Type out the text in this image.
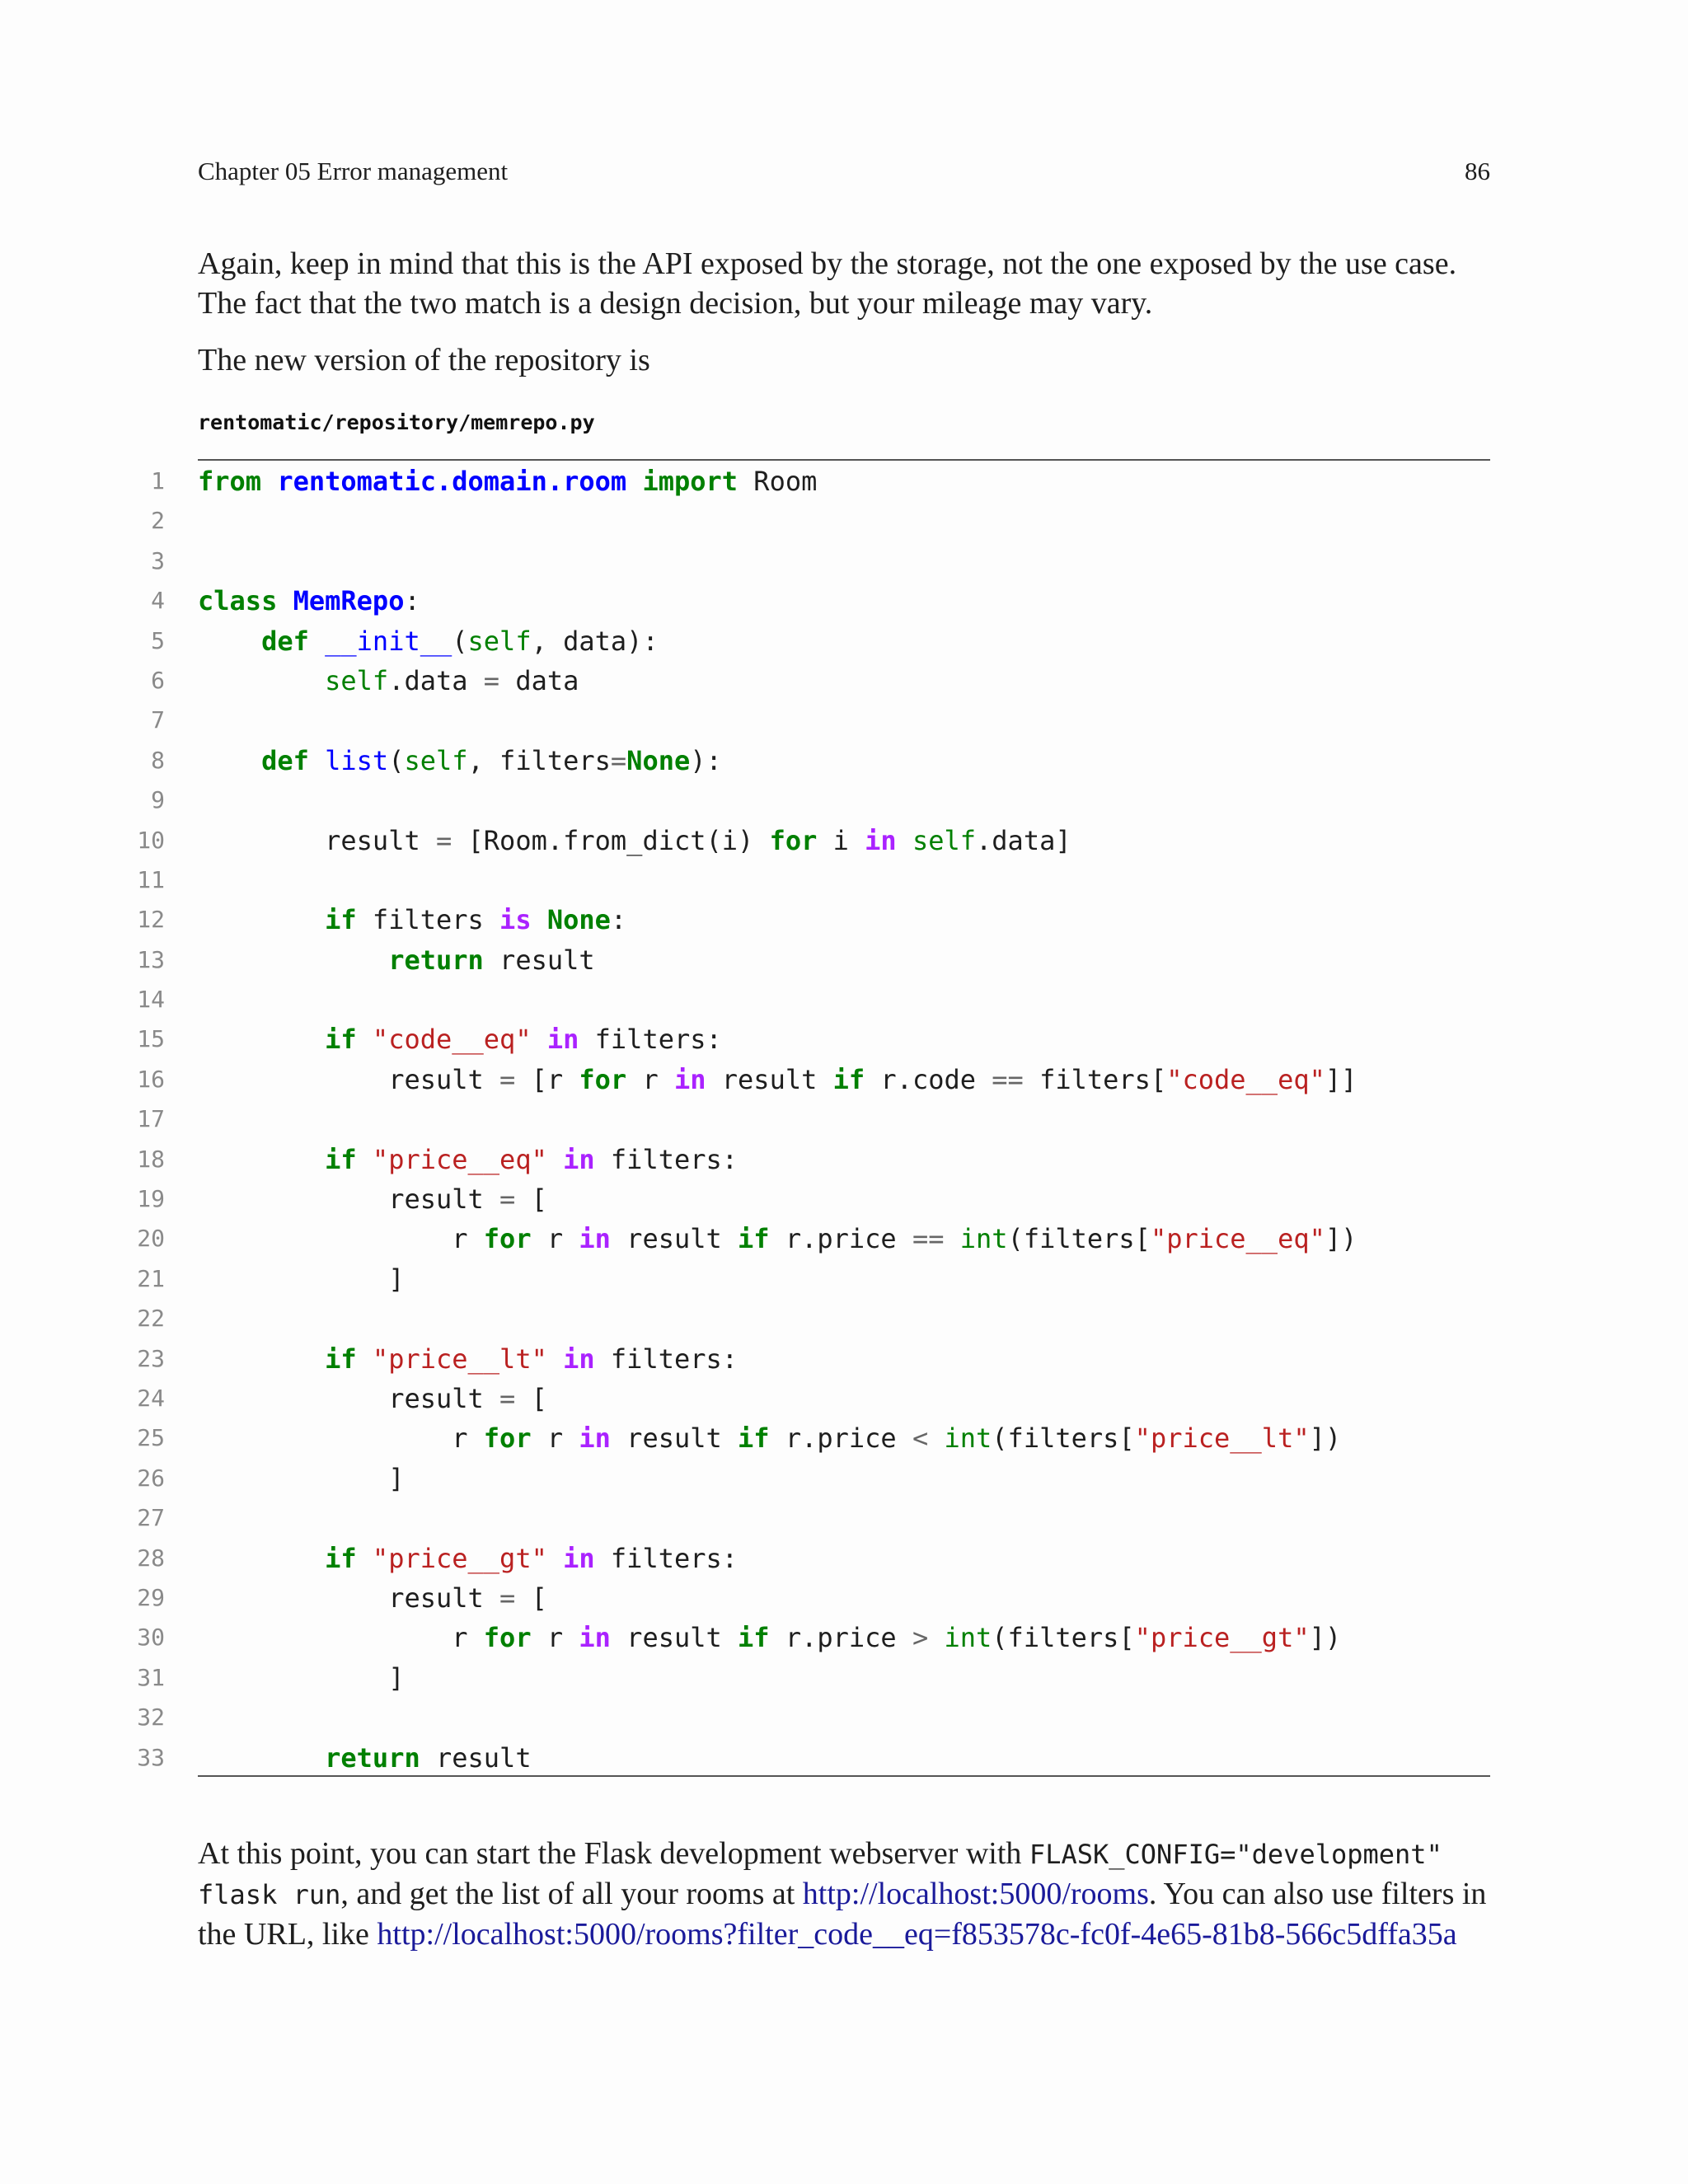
Chapter 05 Error management	86
Again, keep in mind that this is the API exposed by the storage, not the one exposed by the use case. The fact that the two match is a design decision, but your mileage may vary.
The new version of the repository is
rentomatic/repository/memrepo.py
1 from rentomatic.domain.room import Room
2
3
4 class MemRepo:
5	def __init__(self, data):
6	self.data = data
7
8	def list(self, filters=None):
9
10 result = [Room.from_dict(i) for i in self.data]
11
12	if filters is None:
13	return result
14
15	if "code__eq" in filters:
16 result = [r for r in result if r.code == filters["code__eq"]]
17
18	if "price__eq" in filters:
19 result = [
20 r for r in result if r.price == int(filters["price__eq"])
21 ]
22
23	if "price__lt" in filters:
24 result = [
25 r for r in result if r.price < int(filters["price__lt"])
26 ]
27
28	if "price__gt" in filters:
29 result = [
30 r for r in result if r.price > int(filters["price__gt"])
31 ]
32
33	return result
At this point, you can start the Flask development webserver with FLASK_CONFIG="development" flask run, and get the list of all your rooms at http://localhost:5000/rooms. You can also use filters in the URL, like http://localhost:5000/rooms?filter_code__eq=f853578c-fc0f-4e65-81b8-566c5dffa35a
